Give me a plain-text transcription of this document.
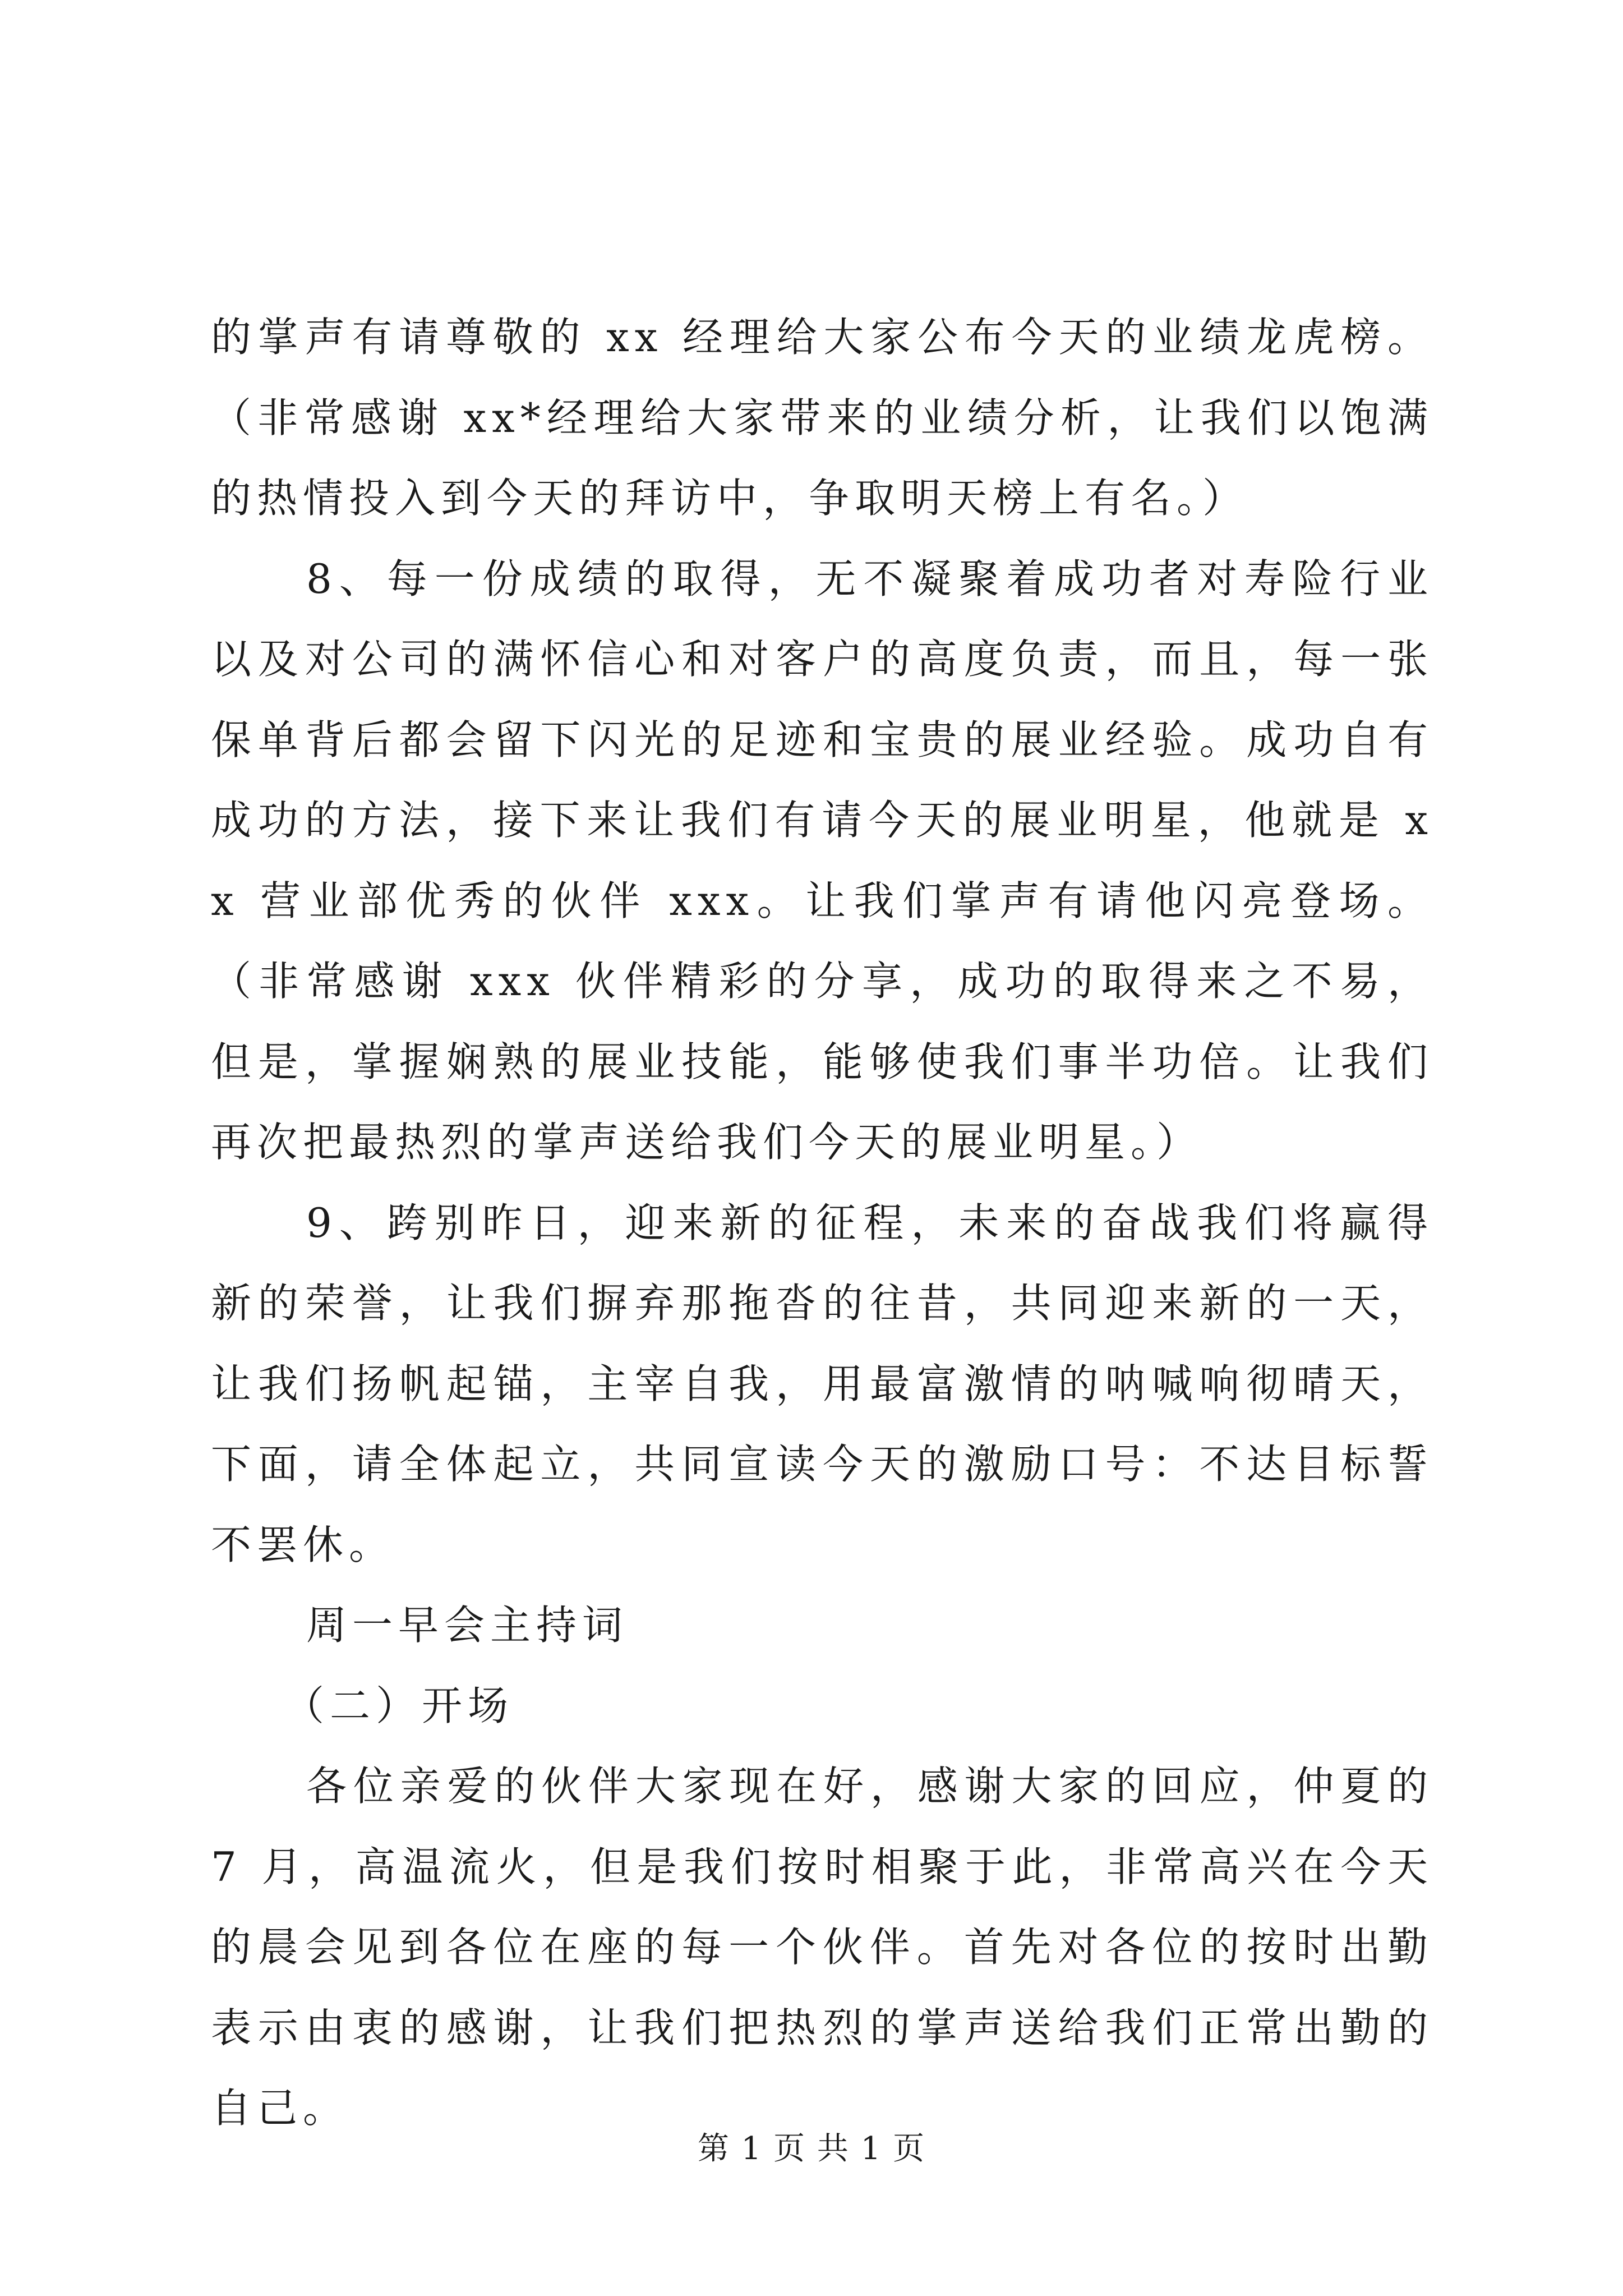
的掌声有请尊敬的 xx 经理给大家公布今天的业绩龙虎榜。（非常感谢 xx*经理给大家带来的业绩分析，让我们以饱满的热情投入到今天的拜访中，争取明天榜上有名。）

8、每一份成绩的取得，无不凝聚着成功者对寿险行业以及对公司的满怀信心和对客户的高度负责，而且，每一张保单背后都会留下闪光的足迹和宝贵的展业经验。成功自有成功的方法，接下来让我们有请今天的展业明星，他就是 xx 营业部优秀的伙伴 xxx。让我们掌声有请他闪亮登场。（非常感谢 xxx 伙伴精彩的分享，成功的取得来之不易，但是，掌握娴熟的展业技能，能够使我们事半功倍。让我们再次把最热烈的掌声送给我们今天的展业明星。）

9、跨别昨日，迎来新的征程，未来的奋战我们将赢得新的荣誉，让我们摒弃那拖沓的往昔，共同迎来新的一天，让我们扬帆起锚，主宰自我，用最富激情的呐喊响彻晴天，下面，请全体起立，共同宣读今天的激励口号：不达目标誓不罢休。

周一早会主持词

（二）开场

各位亲爱的伙伴大家现在好，感谢大家的回应，仲夏的 7 月，高温流火，但是我们按时相聚于此，非常高兴在今天的晨会见到各位在座的每一个伙伴。首先对各位的按时出勤表示由衷的感谢，让我们把热烈的掌声送给我们正常出勤的自己。

第 1 页 共 1 页
